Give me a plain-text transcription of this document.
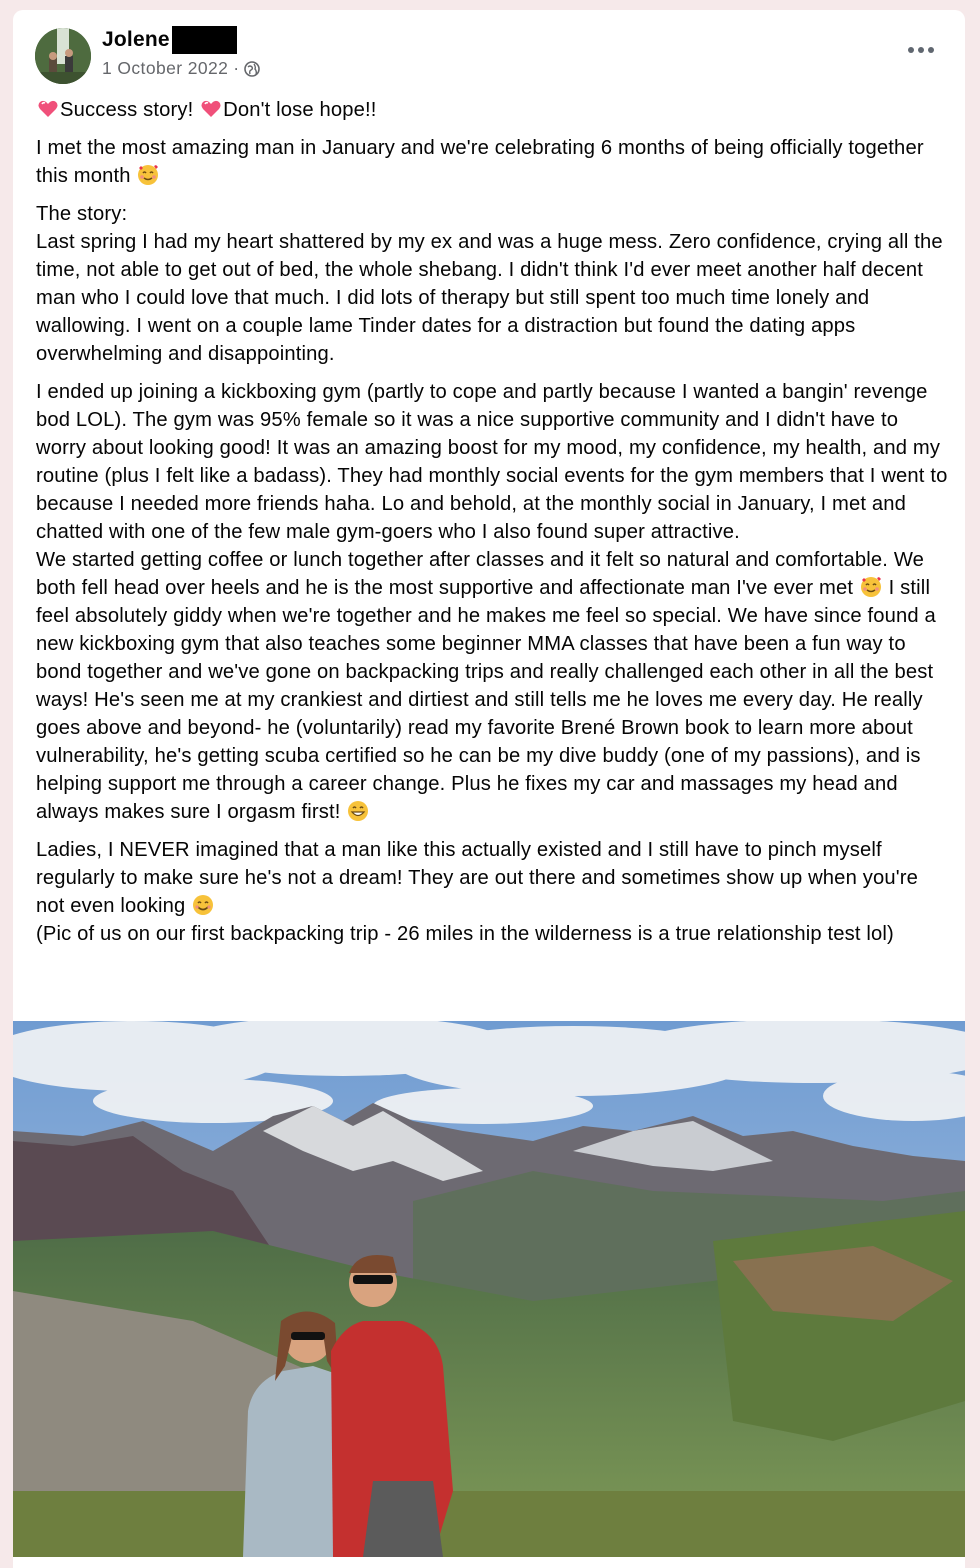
Jolene
1 October 2022 ·

Success story! Don't lose hope!!

I met the most amazing man in January and we're celebrating 6 months of being officially together this month

The story:
Last spring I had my heart shattered by my ex and was a huge mess. Zero confidence, crying all the time, not able to get out of bed, the whole shebang. I didn't think I'd ever meet another half decent man who I could love that much. I did lots of therapy but still spent too much time lonely and wallowing. I went on a couple lame Tinder dates for a distraction but found the dating apps overwhelming and disappointing.

I ended up joining a kickboxing gym (partly to cope and partly because I wanted a bangin' revenge bod LOL). The gym was 95% female so it was a nice supportive community and I didn't have to worry about looking good! It was an amazing boost for my mood, my confidence, my health, and my routine (plus I felt like a badass). They had monthly social events for the gym members that I went to because I needed more friends haha. Lo and behold, at the monthly social in January, I met and chatted with one of the few male gym-goers who I also found super attractive.

We started getting coffee or lunch together after classes and it felt so natural and comfortable. We both fell head over heels and he is the most supportive and affectionate man I've ever met I still feel absolutely giddy when we're together and he makes me feel so special. We have since found a new kickboxing gym that also teaches some beginner MMA classes that have been a fun way to bond together and we've gone on backpacking trips and really challenged each other in all the best ways! He's seen me at my crankiest and dirtiest and still tells me he loves me every day. He really goes above and beyond- he (voluntarily) read my favorite Brené Brown book to learn more about vulnerability, he's getting scuba certified so he can be my dive buddy (one of my passions), and is helping support me through a career change. Plus he fixes my car and massages my head and always makes sure I orgasm first!

Ladies, I NEVER imagined that a man like this actually existed and I still have to pinch myself regularly to make sure he's not a dream! They are out there and sometimes show up when you're not even looking
(Pic of us on our first backpacking trip - 26 miles in the wilderness is a true relationship test lol)
